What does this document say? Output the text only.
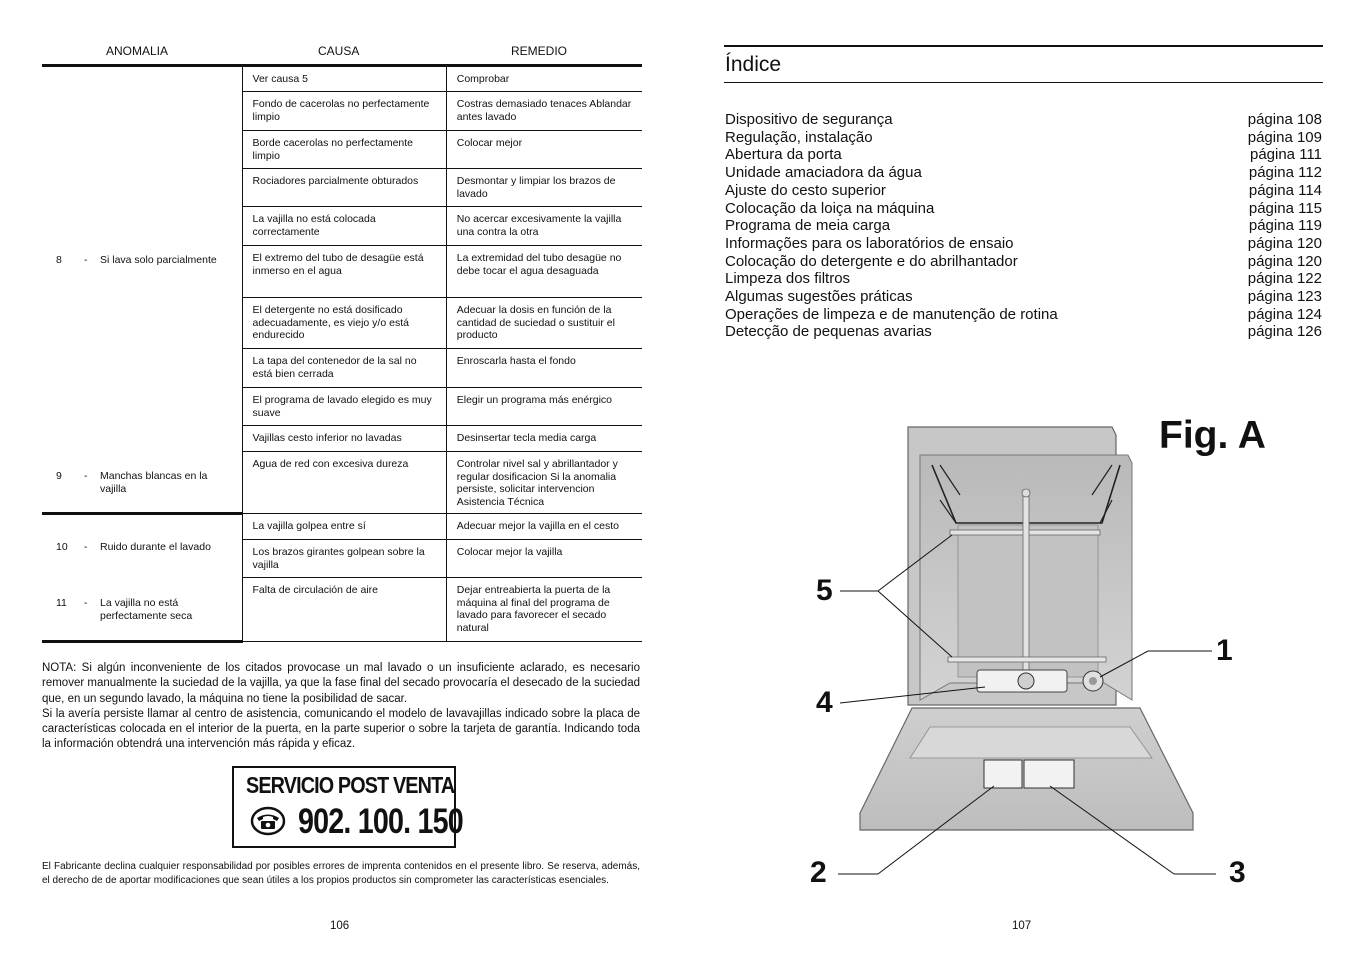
ANOMALIA	CAUSA	REMEDIO
8 - Si lava solo parcialmente	Ver causa 5	Comprobar
	Fondo de cacerolas no perfectamente limpio	Costras demasiado tenaces Ablandar antes lavado
	Borde cacerolas no perfectamente limpio	Colocar mejor
	Rociadores parcialmente obturados	Desmontar y limpiar los brazos de lavado
	La vajilla no está colocada correctamente	No acercar excesivamente la vajilla una contra la otra
	El extremo del tubo de desagüe está inmerso en el agua	La extremidad del tubo desagüe no debe tocar el agua desaguada
	El detergente no está dosificado adecuadamente, es viejo y/o está endurecido	Adecuar la dosis en función de la cantidad de suciedad o sustituir el producto
	La tapa del contenedor de la sal no está bien cerrada	Enroscarla hasta el fondo
	El programa de lavado elegido es muy suave	Elegir un programa más enérgico
	Vajillas cesto inferior no lavadas	Desinsertar tecla media carga

9 - Manchas blancas en la vajilla	Agua de red con excesiva dureza	Controlar nivel sal y abrillantador y regular dosificacion Si la anomalia persiste, solicitar intervencion Asistencia Técnica

10 - Ruido durante el lavado	La vajilla golpea entre sí	Adecuar mejor la vajilla en el cesto
	Los brazos girantes golpean sobre la vajilla	Colocar mejor la vajilla

11 - La vajilla no está perfectamente seca	Falta de circulación de aire	Dejar entreabierta la puerta de la máquina al final del programa de lavado para favorecer el secado natural

NOTA: Si algún inconveniente de los citados provocase un mal lavado o un insuficiente aclarado, es necesario remover manualmente la suciedad de la vajilla, ya que la fase final del secado provocaría el desecado de la suciedad que, en un segundo lavado, la máquina no tiene la posibilidad de sacar.

Si la avería persiste llamar al centro de asistencia, comunicando el modelo de lavavajillas indicado sobre la placa de características colocada en el interior de la puerta, en la parte superior o sobre la tarjeta de garantía. Indicando toda la información obtendrá una intervención más rápida y eficaz.

SERVICIO POST VENTA
902. 100. 150
El Fabricante declina cualquier responsabilidad por posibles errores de imprenta contenidos en el presente libro. Se reserva, además, el derecho de de aportar modificaciones que sean útiles a los propios productos sin comprometer las características esenciales.
106
Índice
Dispositivo de segurança	página 108
Regulação, instalação	página 109
Abertura da porta	página 111
Unidade amaciadora da água	página 112
Ajuste do cesto superior	página 114
Colocação da loiça na máquina	página 115
Programa de meia carga	página 119
Informações para os laboratórios de ensaio	página 120
Colocação do detergente e do abrilhantador	página 120
Limpeza dos filtros	página 122
Algumas sugestões práticas	página 123
Operações de limpeza e de manutenção de rotina	página 124
Detecção de pequenas avarias	página 126
Fig. A
5
1
4
2	3
107
